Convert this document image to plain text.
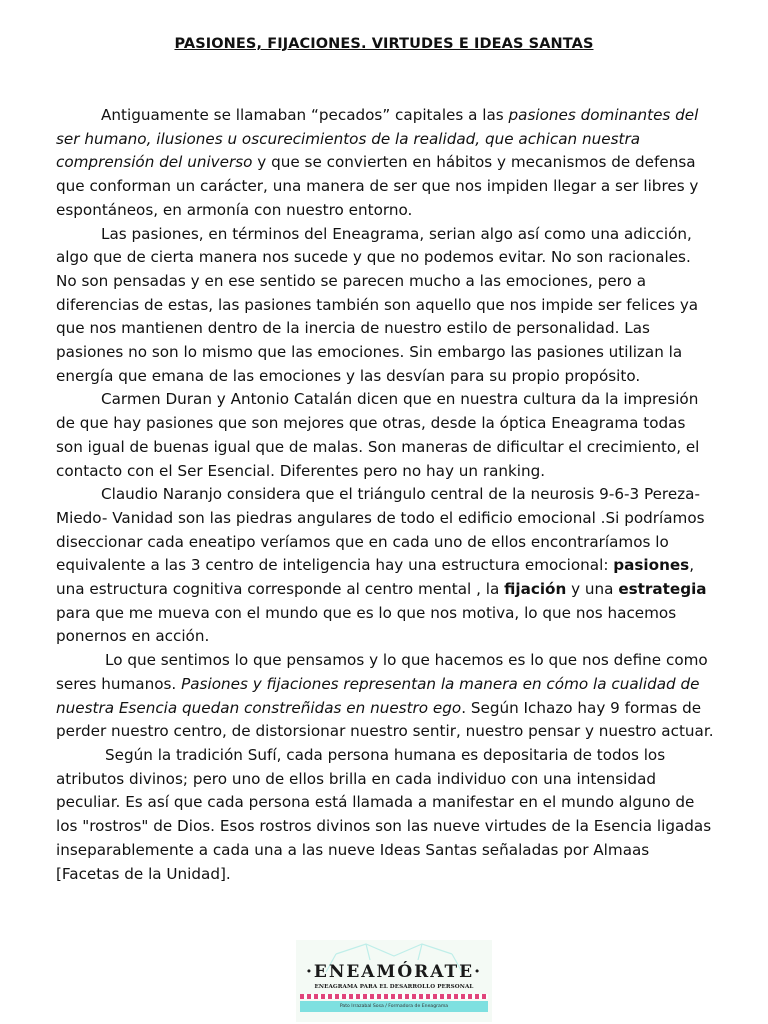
PASIONES, FIJACIONES. VIRTUDES E IDEAS SANTAS

Antiguamente se llamaban “pecados” capitales a las pasiones dominantes del ser humano, ilusiones u oscurecimientos de la realidad, que achican nuestra comprensión del universo y que se convierten en hábitos y mecanismos de defensa que conforman un carácter, una manera de ser que nos impiden llegar a ser libres y espontáneos, en armonía con nuestro entorno.

Las pasiones, en términos del Eneagrama, serian algo así como una adicción, algo que de cierta manera nos sucede y que no podemos evitar. No son racionales. No son pensadas y en ese sentido se parecen mucho a las emociones, pero a diferencias de estas, las pasiones también son aquello que nos impide ser felices ya que nos mantienen dentro de la inercia de nuestro estilo de personalidad. Las pasiones no son lo mismo que las emociones. Sin embargo las pasiones utilizan la energía que emana de las emociones y las desvían para su propio propósito.

Carmen Duran y Antonio Catalán dicen que en nuestra cultura da la impresión de que hay pasiones que son mejores que otras, desde la óptica Eneagrama todas son igual de buenas igual que de malas. Son maneras de dificultar el crecimiento, el contacto con el Ser Esencial. Diferentes pero no hay un ranking.

Claudio Naranjo considera que el triángulo central de la neurosis 9-6-3 Pereza-Miedo- Vanidad son las piedras angulares de todo el edificio emocional .Si podríamos diseccionar cada eneatipo veríamos que en cada uno de ellos encontraríamos lo equivalente a las 3 centro de inteligencia hay una estructura emocional: pasiones, una estructura cognitiva corresponde al centro mental , la fijación y una estrategia para que me mueva con el mundo que es lo que nos motiva, lo que nos hacemos ponernos en acción.

Lo que sentimos lo que pensamos y lo que hacemos es lo que nos define como seres humanos. Pasiones y fijaciones representan la manera en cómo la cualidad de nuestra Esencia quedan constreñidas en nuestro ego. Según Ichazo hay 9 formas de perder nuestro centro, de distorsionar nuestro sentir, nuestro pensar y nuestro actuar.

Según la tradición Sufí, cada persona humana es depositaria de todos los atributos divinos; pero uno de ellos brilla en cada individuo con una intensidad peculiar. Es así que cada persona está llamada a manifestar en el mundo alguno de los "rostros" de Dios. Esos rostros divinos son las nueve virtudes de la Esencia ligadas inseparablemente a cada una a las nueve Ideas Santas señaladas por Almaas [Facetas de la Unidad].

·ENEAMÓRATE·
ENEAGRAMA PARA EL DESARROLLO PERSONAL
Pato Irrazabal Sosa / Formadora de Eneagrama
